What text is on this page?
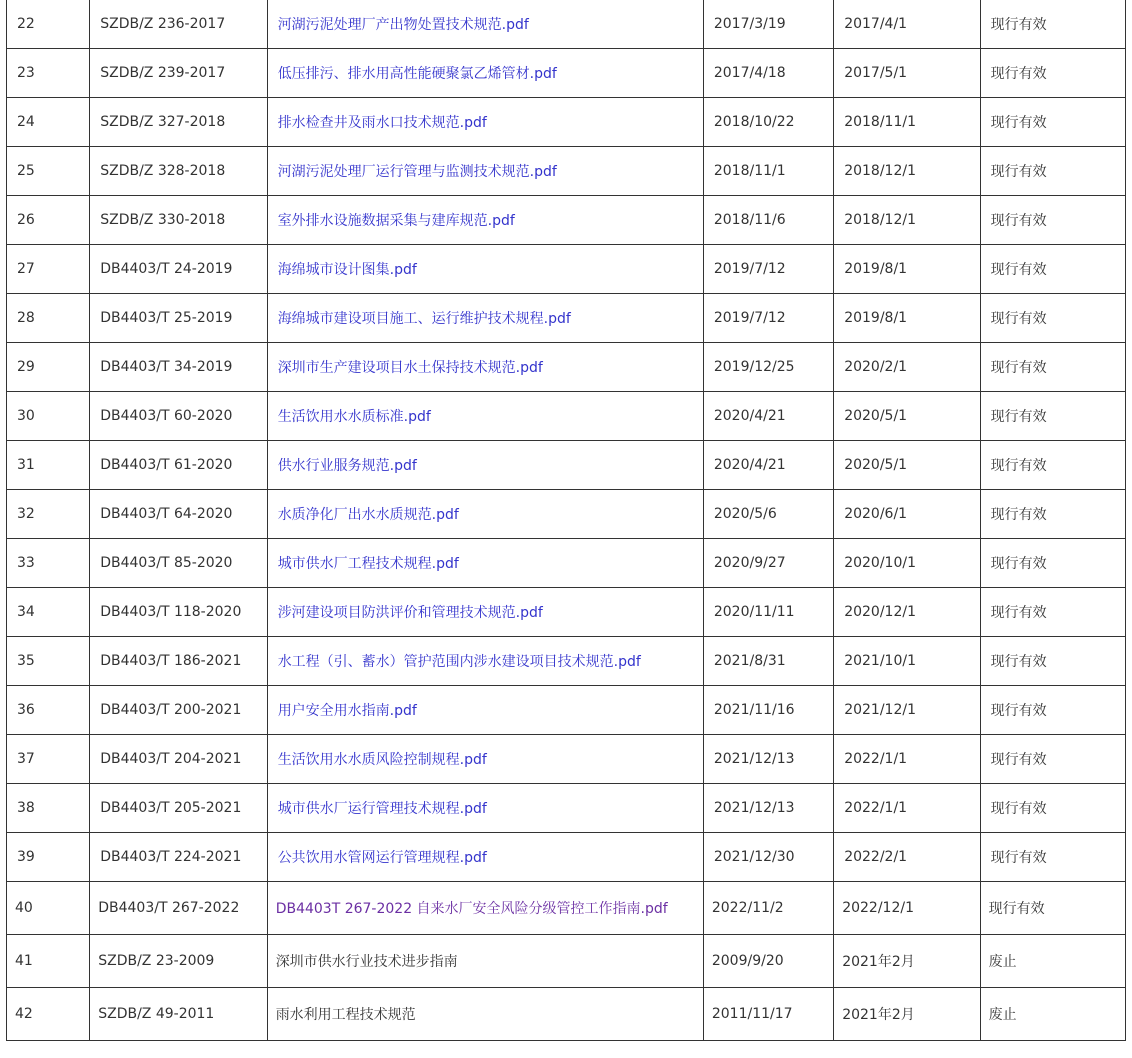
22	SZDB/Z 236-2017	河湖污泥处理厂产出物处置技术规范.pdf	2017/3/19	2017/4/1	现行有效
23	SZDB/Z 239-2017	低压排污、排水用高性能硬聚氯乙烯管材.pdf	2017/4/18	2017/5/1	现行有效
24	SZDB/Z 327-2018	排水检查井及雨水口技术规范.pdf	2018/10/22	2018/11/1	现行有效
25	SZDB/Z 328-2018	河湖污泥处理厂运行管理与监测技术规范.pdf	2018/11/1	2018/12/1	现行有效
26	SZDB/Z 330-2018	室外排水设施数据采集与建库规范.pdf	2018/11/6	2018/12/1	现行有效
27	DB4403/T 24-2019	海绵城市设计图集.pdf	2019/7/12	2019/8/1	现行有效
28	DB4403/T 25-2019	海绵城市建设项目施工、运行维护技术规程.pdf	2019/7/12	2019/8/1	现行有效
29	DB4403/T 34-2019	深圳市生产建设项目水土保持技术规范.pdf	2019/12/25	2020/2/1	现行有效
30	DB4403/T 60-2020	生活饮用水水质标准.pdf	2020/4/21	2020/5/1	现行有效
31	DB4403/T 61-2020	供水行业服务规范.pdf	2020/4/21	2020/5/1	现行有效
32	DB4403/T 64-2020	水质净化厂出水水质规范.pdf	2020/5/6	2020/6/1	现行有效
33	DB4403/T 85-2020	城市供水厂工程技术规程.pdf	2020/9/27	2020/10/1	现行有效
34	DB4403/T 118-2020	涉河建设项目防洪评价和管理技术规范.pdf	2020/11/11	2020/12/1	现行有效
35	DB4403/T 186-2021	水工程（引、蓄水）管护范围内涉水建设项目技术规范.pdf	2021/8/31	2021/10/1	现行有效
36	DB4403/T 200-2021	用户安全用水指南.pdf	2021/11/16	2021/12/1	现行有效
37	DB4403/T 204-2021	生活饮用水水质风险控制规程.pdf	2021/12/13	2022/1/1	现行有效
38	DB4403/T 205-2021	城市供水厂运行管理技术规程.pdf	2021/12/13	2022/1/1	现行有效
39	DB4403/T 224-2021	公共饮用水管网运行管理规程.pdf	2021/12/30	2022/2/1	现行有效
40	DB4403/T 267-2022	DB4403T 267-2022 自来水厂安全风险分级管控工作指南.pdf	2022/11/2	2022/12/1	现行有效
41	SZDB/Z 23-2009	深圳市供水行业技术进步指南	2009/9/20	2021年2月	废止
42	SZDB/Z 49-2011	雨水利用工程技术规范	2011/11/17	2021年2月	废止
